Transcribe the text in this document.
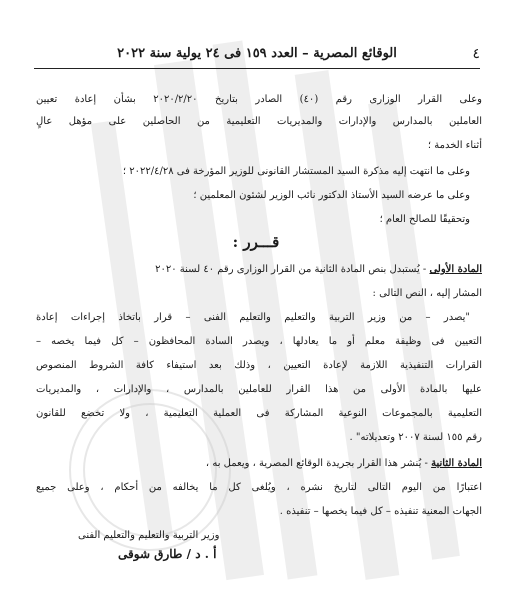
٤
الوقائع المصرية – العدد ١٥٩ فى ٢٤ يولية سنة ٢٠٢٢
وعلى القرار الوزارى رقم (٤٠) الصادر بتاريخ ٢٠٢٠/٢/٢٠ بشأن إعادة تعيين
العاملين بالمدارس والإدارات والمديريات التعليمية من الحاصلين على مؤهل عالٍ
أثناء الخدمة ؛
وعلى ما انتهت إليه مذكرة السيد المستشار القانونى للوزير المؤرخة فى ٢٠٢٢/٤/٢٨ ؛
وعلى ما عرضه السيد الأستاذ الدكتور نائب الوزير لشئون المعلمين ؛
وتحقيقًا للصالح العام ؛
قـــرر :
المادة الأولى - يُستبدل بنص المادة الثانية من القرار الوزارى رقم ٤٠ لسنة ٢٠٢٠
المشار إليه ، النص التالى :
"يصدر – من وزير التربية والتعليم والتعليم الفنى – قرار باتخاذ إجراءات إعادة
التعيين فى وظيفة معلم أو ما يعادلها ، ويصدر السادة المحافظون – كل فيما يخصه –
القرارات التنفيذية اللازمة لإعادة التعيين ، وذلك بعد استيفاء كافة الشروط المنصوص
عليها بالمادة الأولى من هذا القرار للعاملين بالمدارس ، والإدارات ، والمديريات
التعليمية بالمجموعات النوعية المشاركة فى العملية التعليمية ، ولا تخضع للقانون
رقم ١٥٥ لسنة ٢٠٠٧ وتعديلاته" .
المادة الثانية - يُنشر هذا القرار بجريدة الوقائع المصرية ، ويعمل به ،
اعتبارًا من اليوم التالى لتاريخ نشره ، ويُلغى كل ما يخالفه من أحكام ، وعلى جميع
الجهات المعنية تنفيذه – كل فيما يخصها – تنفيذه .
وزير التربية والتعليم والتعليم الفنى
أ . د / طارق شوقى
